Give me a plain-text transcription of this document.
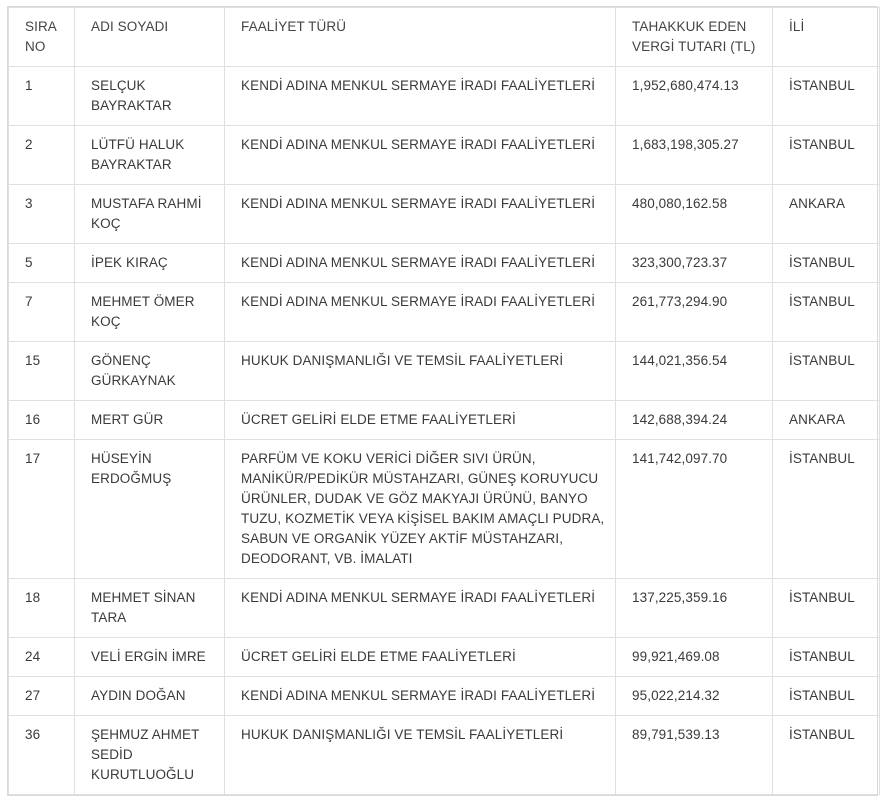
SIRA NO	ADI SOYADI	FAALİYET TÜRÜ	TAHAKKUK EDEN VERGİ TUTARI (TL)	İLİ
1	SELÇUK BAYRAKTAR	KENDİ ADINA MENKUL SERMAYE İRADI FAALİYETLERİ	1,952,680,474.13	İSTANBUL
2	LÜTFÜ HALUK BAYRAKTAR	KENDİ ADINA MENKUL SERMAYE İRADI FAALİYETLERİ	1,683,198,305.27	İSTANBUL
3	MUSTAFA RAHMİ KOÇ	KENDİ ADINA MENKUL SERMAYE İRADI FAALİYETLERİ	480,080,162.58	ANKARA
5	İPEK KIRAÇ	KENDİ ADINA MENKUL SERMAYE İRADI FAALİYETLERİ	323,300,723.37	İSTANBUL
7	MEHMET ÖMER KOÇ	KENDİ ADINA MENKUL SERMAYE İRADI FAALİYETLERİ	261,773,294.90	İSTANBUL
15	GÖNENÇ GÜRKAYNAK	HUKUK DANIŞMANLIĞI VE TEMSİL FAALİYETLERİ	144,021,356.54	İSTANBUL
16	MERT GÜR	ÜCRET GELİRİ ELDE ETME FAALİYETLERİ	142,688,394.24	ANKARA
17	HÜSEYİN ERDOĞMUŞ	PARFÜM VE KOKU VERİCİ DİĞER SIVI ÜRÜN, MANİKÜR/PEDİKÜR MÜSTAHZARI, GÜNEŞ KORUYUCU ÜRÜNLER, DUDAK VE GÖZ MAKYAJI ÜRÜNÜ, BANYO TUZU, KOZMETİK VEYA KİŞİSEL BAKIM AMAÇLI PUDRA, SABUN VE ORGANİK YÜZEY AKTİF MÜSTAHZARI, DEODORANT, VB. İMALATI	141,742,097.70	İSTANBUL
18	MEHMET SİNAN TARA	KENDİ ADINA MENKUL SERMAYE İRADI FAALİYETLERİ	137,225,359.16	İSTANBUL
24	VELİ ERGİN İMRE	ÜCRET GELİRİ ELDE ETME FAALİYETLERİ	99,921,469.08	İSTANBUL
27	AYDIN DOĞAN	KENDİ ADINA MENKUL SERMAYE İRADI FAALİYETLERİ	95,022,214.32	İSTANBUL
36	ŞEHMUZ AHMET SEDİD KURUTLUOĞLU	HUKUK DANIŞMANLIĞI VE TEMSİL FAALİYETLERİ	89,791,539.13	İSTANBUL
